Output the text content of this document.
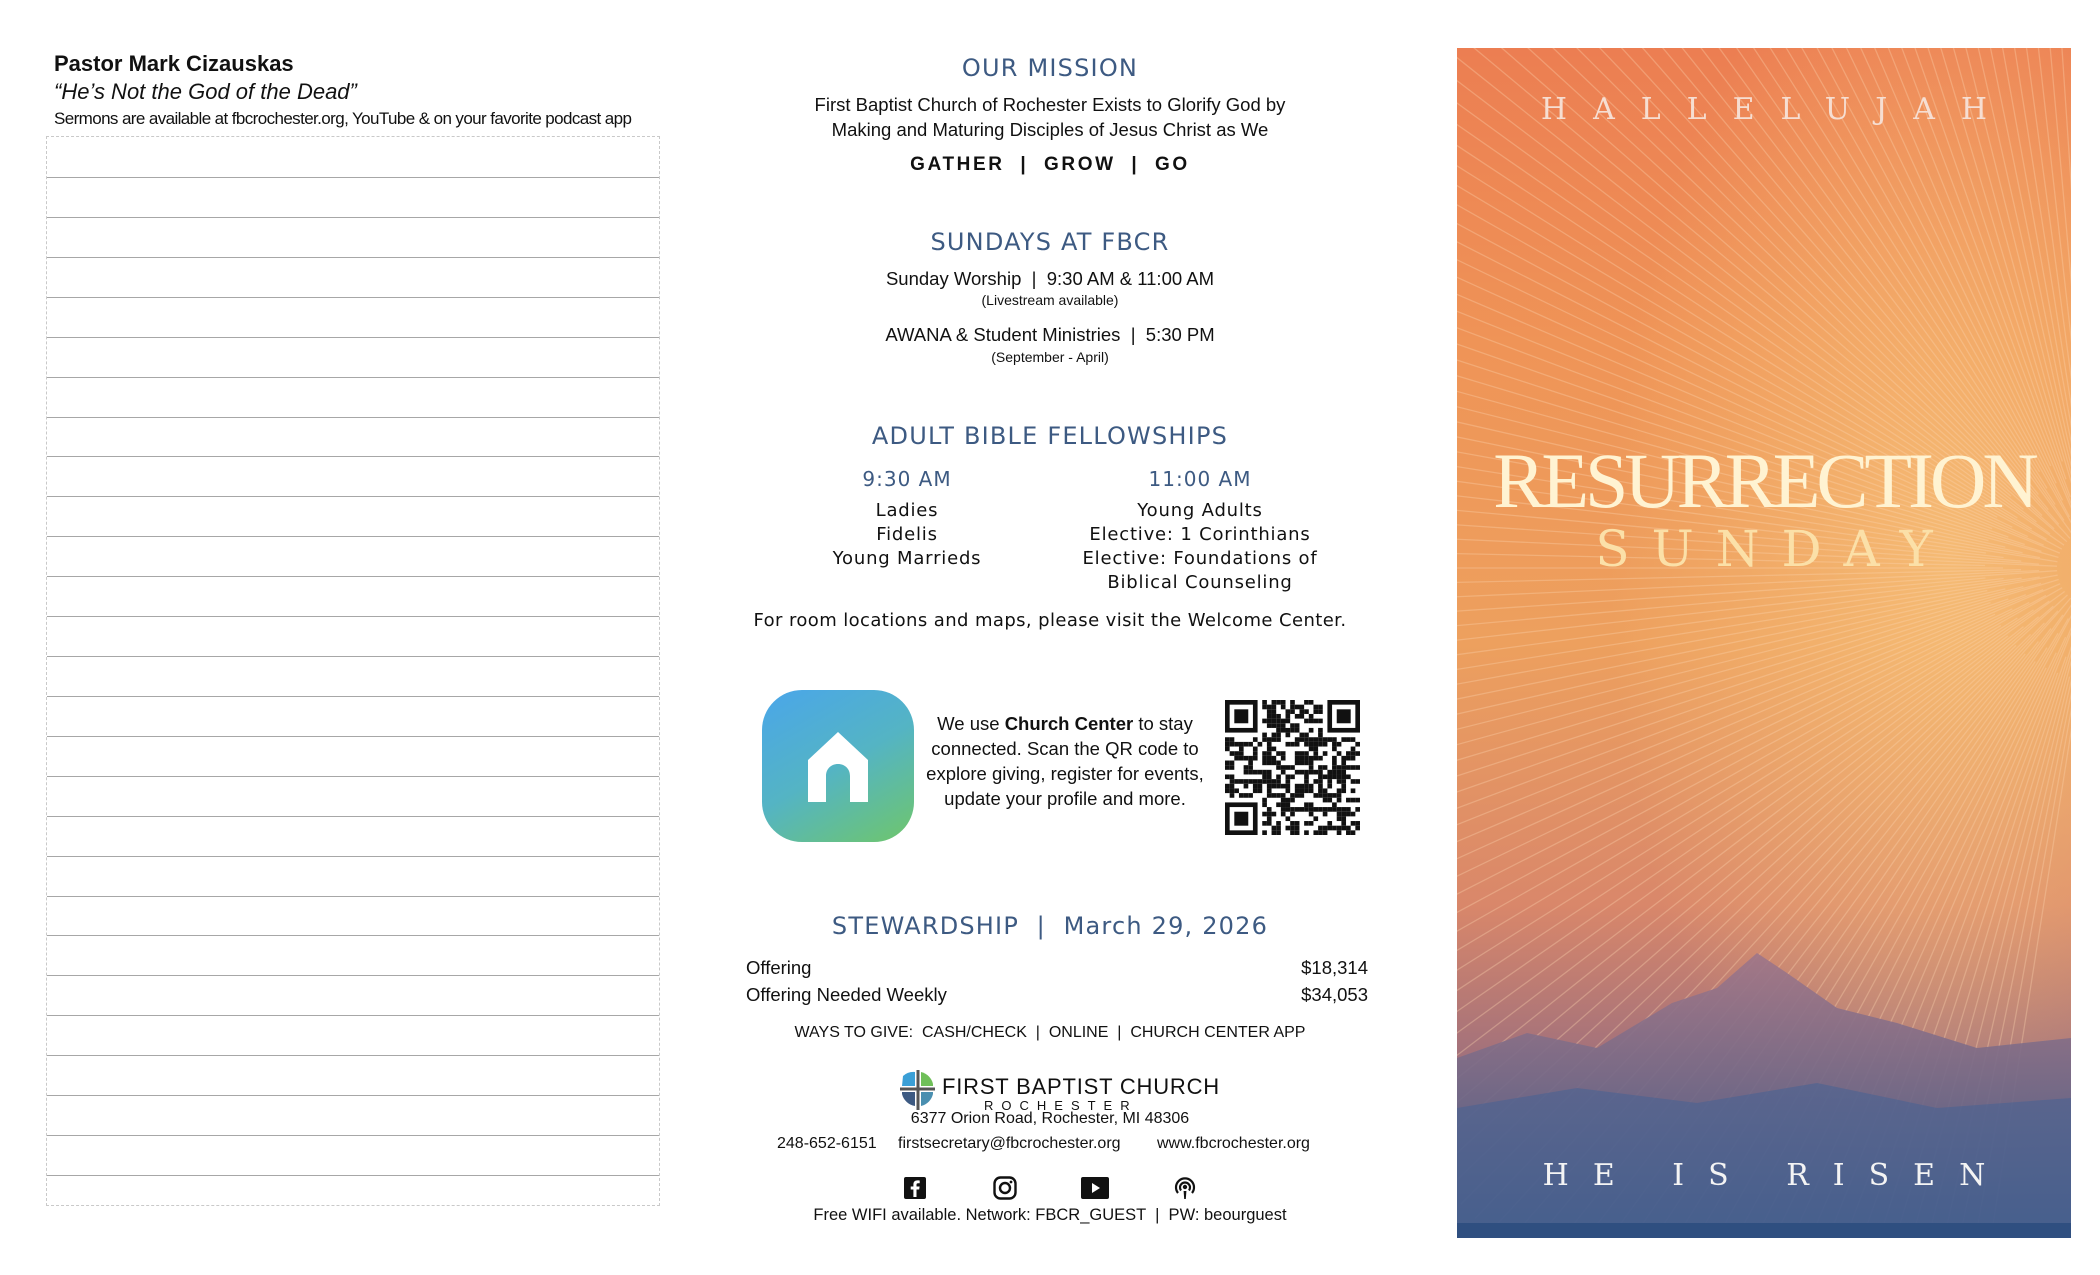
Pastor Mark Cizauskas
“He’s Not the God of the Dead”
Sermons are available at fbcrochester.org, YouTube & on your favorite podcast app
OUR MISSION

First Baptist Church of Rochester Exists to Glorify God by

Making and Maturing Disciples of Jesus Christ as We

GATHER  |  GROW  |  GO

SUNDAYS AT FBCR

Sunday Worship  |  9:30 AM & 11:00 AM

(Livestream available)

AWANA & Student Ministries  |  5:30 PM

(September - April)

ADULT BIBLE FELLOWSHIPS
9:30 AM
Ladies
Fidelis
Young Marrieds
11:00 AM
Young Adults
Elective: 1 Corinthians
Elective: Foundations of
Biblical Counseling

For room locations and maps, please visit the Welcome Center.

We use Church Center to stay connected. Scan the QR code to explore giving, register for events, update your profile and more.
STEWARDSHIP  |  March 29, 2026
Offering	$18,314
Offering Needed Weekly	$34,053

WAYS TO GIVE:  CASH/CHECK  |  ONLINE  |  CHURCH CENTER APP

FIRST BAPTIST CHURCH
ROCHESTER

6377 Orion Road, Rochester, MI 48306

248-652-6151 firstsecretary@fbcrochester.org www.fbcrochester.org

Free WIFI available. Network: FBCR_GUEST  |  PW: beourguest

HALLELUJAH
RESURRECTION
SUNDAY
HE IS RISEN
